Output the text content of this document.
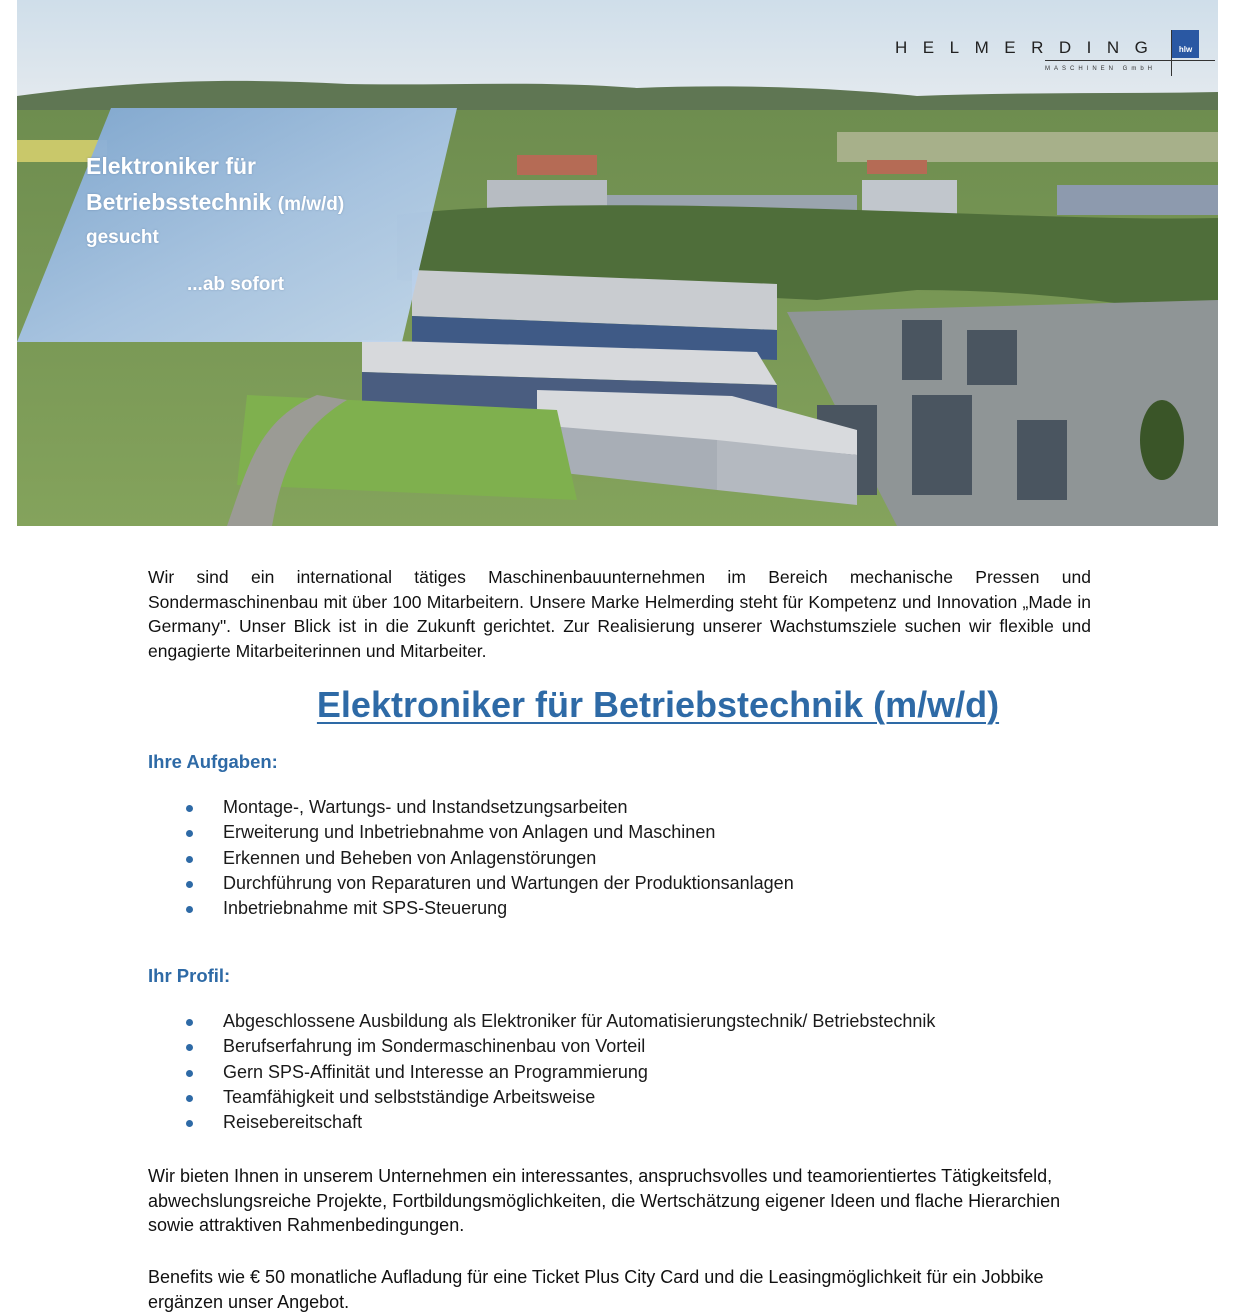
HELMERDING	hlw
MASCHINEN GmbH
Elektroniker für
Betriebsstechnik (m/w/d)
gesucht
...ab sofort

Wir sind ein international tätiges Maschinenbauunternehmen im Bereich mechanische Pressen und Sondermaschinenbau mit über 100 Mitarbeitern. Unsere Marke Helmerding steht für Kompetenz und Innovation „Made in Germany". Unser Blick ist in die Zukunft gerichtet. Zur Realisierung unserer Wachstumsziele suchen wir flexible und engagierte Mitarbeiterinnen und Mitarbeiter.

Elektroniker für Betriebstechnik (m/w/d)
Ihre Aufgaben:
Montage-, Wartungs- und Instandsetzungsarbeiten
Erweiterung und Inbetriebnahme von Anlagen und Maschinen
Erkennen und Beheben von Anlagenstörungen
Durchführung von Reparaturen und Wartungen der Produktionsanlagen
Inbetriebnahme mit SPS-Steuerung
Ihr Profil:
Abgeschlossene Ausbildung als Elektroniker für Automatisierungstechnik/ Betriebstechnik
Berufserfahrung im Sondermaschinenbau von Vorteil
Gern SPS-Affinität und Interesse an Programmierung
Teamfähigkeit und selbstständige Arbeitsweise
Reisebereitschaft

Wir bieten Ihnen in unserem Unternehmen ein interessantes, anspruchsvolles und teamorientiertes Tätigkeitsfeld, abwechslungsreiche Projekte, Fortbildungsmöglichkeiten, die Wertschätzung eigener Ideen und flache Hierarchien sowie attraktiven Rahmenbedingungen.

Benefits wie € 50 monatliche Aufladung für eine Ticket Plus City Card und die Leasingmöglichkeit für ein Jobbike ergänzen unser Angebot.
